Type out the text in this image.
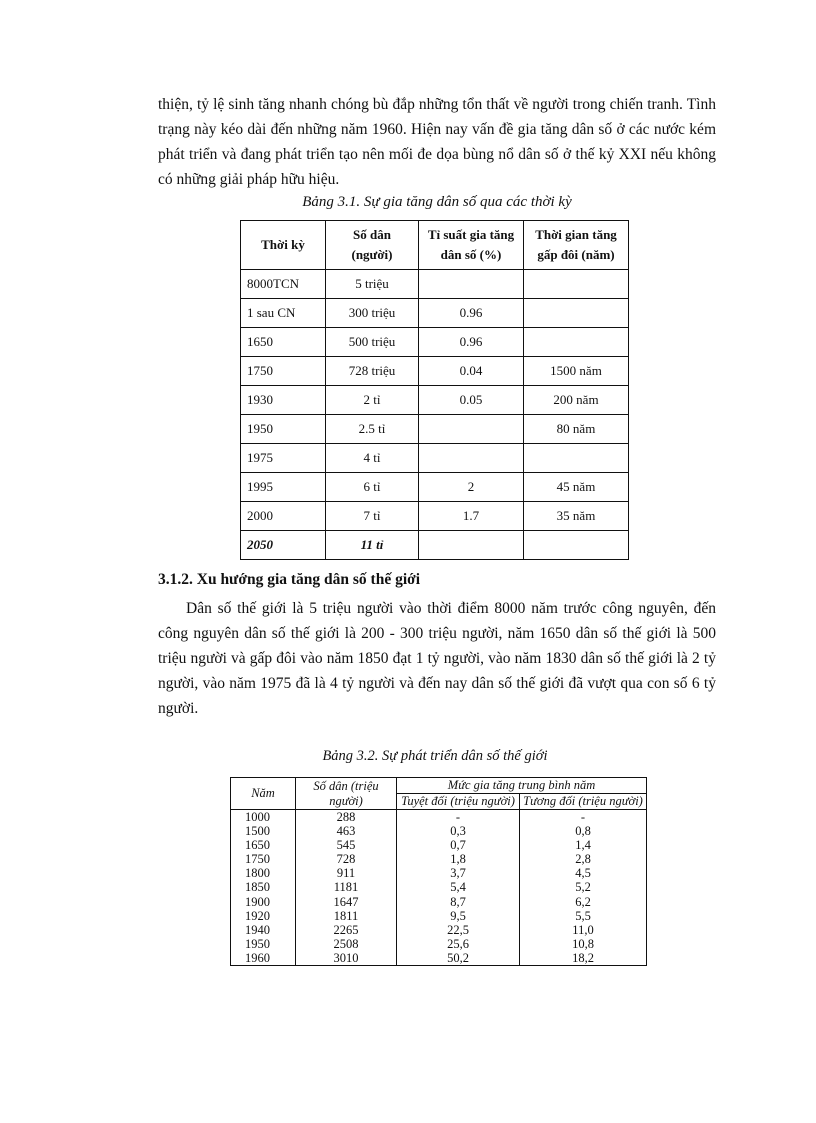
thiện, tỷ lệ sinh tăng nhanh chóng bù đắp những tổn thất về người trong chiến tranh. Tình trạng này kéo dài đến những năm 1960. Hiện nay vấn đề gia tăng dân số ở các nước kém phát triển và đang phát triển tạo nên mối đe dọa bùng nổ dân số ở thế kỷ XXI nếu không có những giải pháp hữu hiệu.

Bảng 3.1. Sự gia tăng dân số qua các thời kỳ

Thời kỳ	Số dân (người)	Tỉ suất gia tăng dân số (%)	Thời gian tăng gấp đôi (năm)
8000TCN	5 triệu		
1 sau CN	300 triệu	0.96	
1650	500 triệu	0.96	
1750	728 triệu	0.04	1500 năm
1930	2 tỉ	0.05	200 năm
1950	2.5 tỉ		80 năm
1975	4 tỉ		
1995	6 tỉ	2	45 năm
2000	7 tỉ	1.7	35 năm
2050	11 tỉ		

3.1.2. Xu hướng gia tăng dân số thế giới

Dân số thế giới là 5 triệu người vào thời điểm 8000 năm trước công nguyên, đến công nguyên dân số thế giới là 200 - 300 triệu người, năm 1650 dân số thế giới là 500 triệu người và gấp đôi vào năm 1850 đạt 1 tỷ người, vào năm 1830 dân số thế giới là 2 tỷ người, vào năm 1975 đã là 4 tỷ người và đến nay dân số thế giới đã vượt qua con số 6 tỷ người.

Bảng 3.2. Sự phát triển dân số thế giới

Năm	Số dân (triệu người)	Mức gia tăng trung bình năm	
		Tuyệt đối (triệu người)	Tương đối (triệu người)
1000	288	-	-
1500	463	0,3	0,8
1650	545	0,7	1,4
1750	728	1,8	2,8
1800	911	3,7	4,5
1850	1181	5,4	5,2
1900	1647	8,7	6,2
1920	1811	9,5	5,5
1940	2265	22,5	11,0
1950	2508	25,6	10,8
1960	3010	50,2	18,2
